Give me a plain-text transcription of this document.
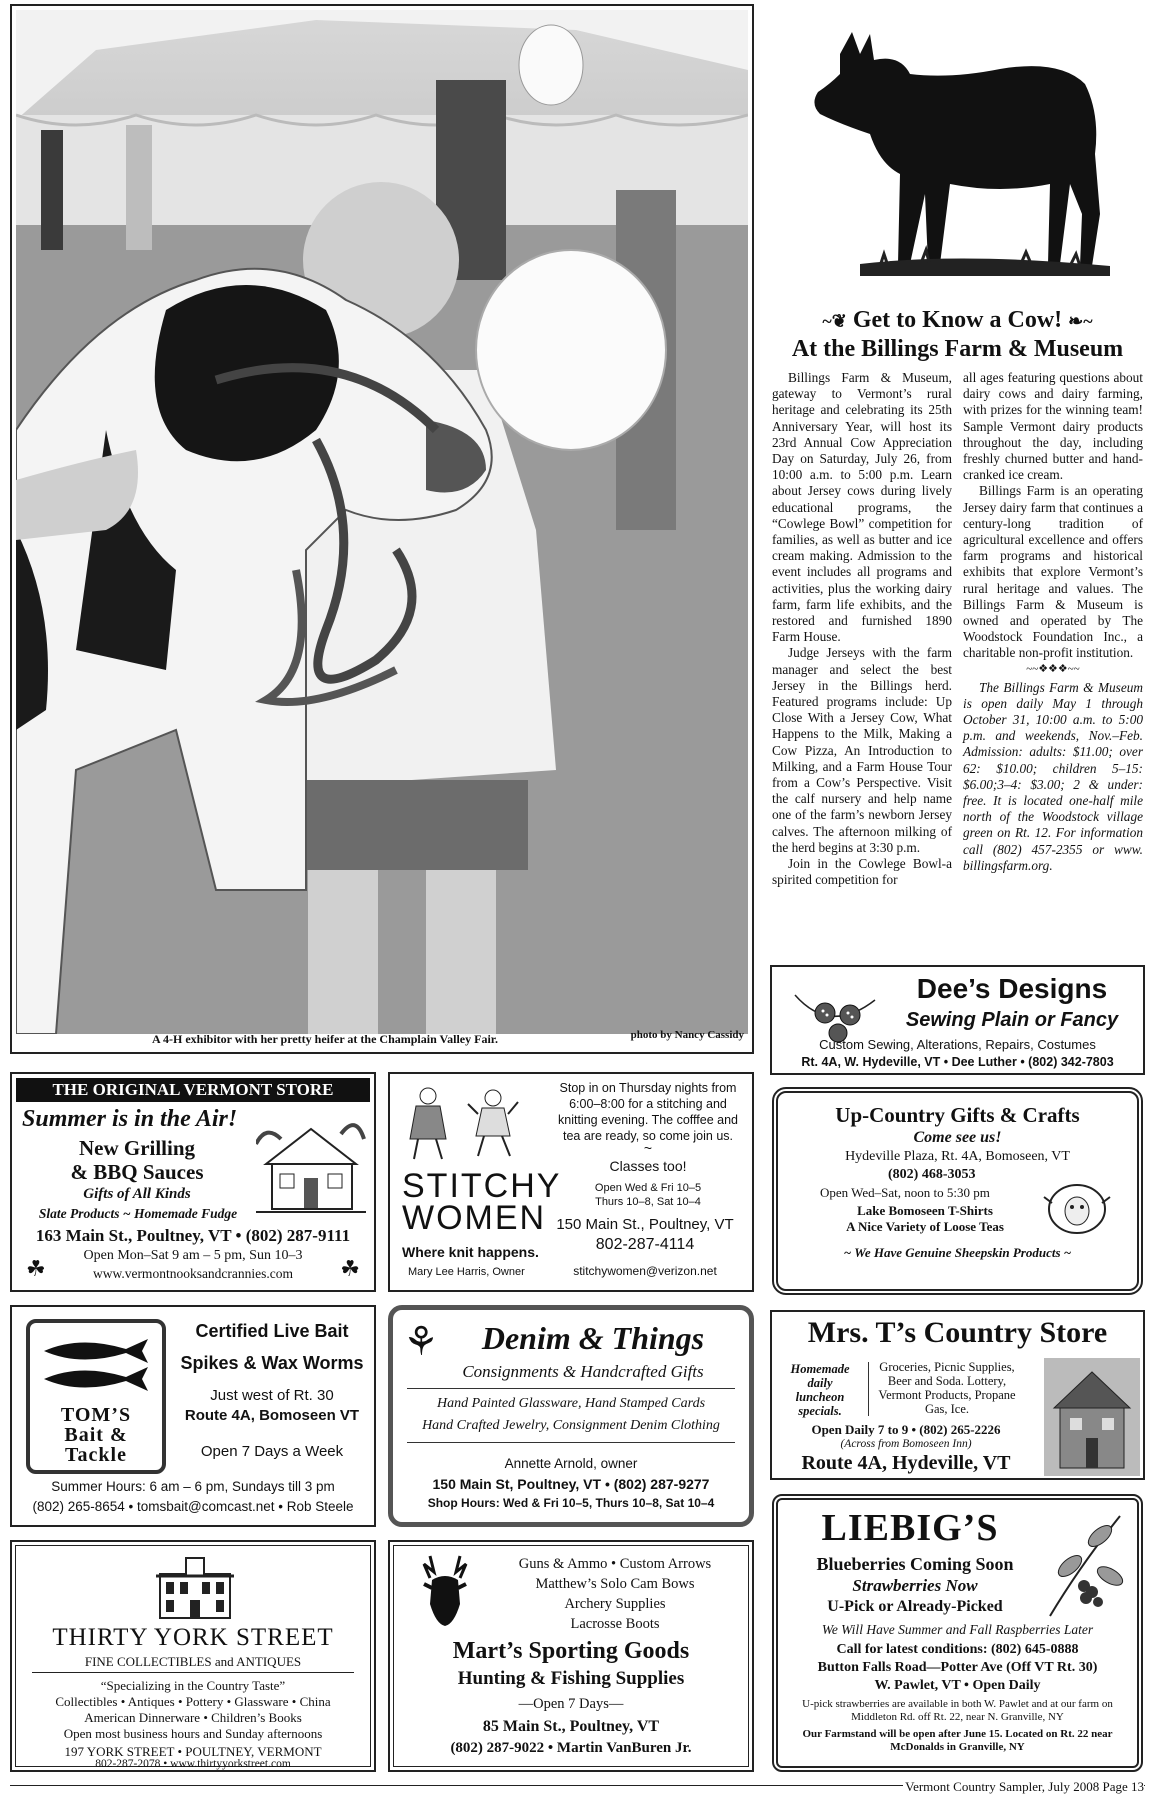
A 4-H exhibitor with her pretty heifer at the Champlain Valley Fair.	photo by Nancy Cassidy
~❦ Get to Know a Cow! ❧~
At the Billings Farm & Museum

Billings Farm & Museum, gateway to Vermont’s rural heritage and celebrating its 25th Anniversary Year, will host its 23rd Annual Cow Appreciation Day on Saturday, July 26, from 10:00 a.m. to 5:00 p.m. Learn about Jersey cows during lively educational programs, the “Cowlege Bowl” competition for families, as well as butter and ice cream making. Admission to the event includes all programs and activities, plus the working dairy farm, farm life exhibits, and the restored and furnished 1890 Farm House.

Judge Jerseys with the farm manager and select the best Jersey in the Billings herd. Featured programs include: Up Close With a Jersey Cow, What Happens to the Milk, Making a Cow Pizza, An Introduction to Milking, and a Farm House Tour from a Cow’s Perspective. Visit the calf nursery and help name one of the farm’s newborn Jersey calves. The afternoon milking of the herd begins at 3:30 p.m.

Join in the Cowlege Bowl-a spirited competition for

all ages featuring questions about dairy cows and dairy farming, with prizes for the winning team! Sample Vermont dairy products throughout the day, including freshly churned butter and hand-cranked ice cream.

Billings Farm is an operating Jersey dairy farm that continues a century-long tradition of agricultural excellence and offers farm programs and historical exhibits that explore Vermont’s rural heritage and values. The Billings Farm & Museum is owned and operated by The Woodstock Foundation Inc., a charitable non-profit institution.

~~❖❖❖~~

The Billings Farm & Museum is open daily May 1 through October 31, 10:00 a.m. to 5:00 p.m. and weekends, Nov.–Feb. Admission: adults: $11.00; over 62: $10.00; children 5–15: $6.00;3–4: $3.00; 2 & under: free. It is located one-half mile north of the Woodstock village green on Rt. 12. For information call (802) 457-2355 or www. billingsfarm.org.

Dee’s Designs
Sewing Plain or Fancy
Custom Sewing, Alterations, Repairs, Costumes
Rt. 4A, W. Hydeville, VT • Dee Luther • (802) 342-7803
THE ORIGINAL VERMONT STORE
Summer is in the Air!
New Grilling
& BBQ Sauces
Gifts of All Kinds
Slate Products ~ Homemade Fudge
163 Main St., Poultney, VT • (802) 287-9111
Open Mon–Sat 9 am – 5 pm, Sun 10–3
www.vermontnooksandcrannies.com
☘	☘
STITCHY
WOMEN
Where knit happens.
Mary Lee Harris, Owner
Stop in on Thursday nights from 6:00–8:00 for a stitching and knitting evening. The cofffee and tea are ready, so come join us.
~
Classes too!
Open Wed & Fri 10–5
Thurs 10–8, Sat 10–4
150 Main St., Poultney, VT
802-287-4114
stitchywomen@verizon.net
Up-Country Gifts & Crafts
Come see us!
Hydeville Plaza, Rt. 4A, Bomoseen, VT
(802) 468-3053
Open Wed–Sat, noon to 5:30 pm
Lake Bomoseen T-Shirts
A Nice Variety of Loose Teas
~ We Have Genuine Sheepskin Products ~
TOM’S
Bait &
Tackle
Certified Live Bait
Spikes & Wax Worms
Just west of Rt. 30
Route 4A, Bomoseen VT
Open 7 Days a Week
Summer Hours: 6 am – 6 pm, Sundays till 3 pm
(802) 265-8654 • tomsbait@comcast.net • Rob Steele
⚘	Denim & Things
Consignments & Handcrafted Gifts
Hand Painted Glassware, Hand Stamped Cards
Hand Crafted Jewelry, Consignment Denim Clothing
Annette Arnold, owner
150 Main St, Poultney, VT • (802) 287-9277
Shop Hours: Wed & Fri 10–5, Thurs 10–8, Sat 10–4
Mrs. T’s Country Store
Homemade
daily
luncheon
specials.
Groceries, Picnic Supplies, Beer and Soda. Lottery, Vermont Products, Propane Gas, Ice.
Open Daily 7 to 9 • (802) 265-2226
(Across from Bomoseen Inn)
Route 4A, Hydeville, VT
THIRTY YORK STREET
FINE COLLECTIBLES and ANTIQUES
“Specializing in the Country Taste”
Collectibles • Antiques • Pottery • Glassware • China
American Dinnerware • Children’s Books
Open most business hours and Sunday afternoons
197 YORK STREET • POULTNEY, VERMONT
802-287-2078 • www.thirtyyorkstreet.com
Guns & Ammo • Custom Arrows
Matthew’s Solo Cam Bows
Archery Supplies
Lacrosse Boots
Mart’s Sporting Goods
Hunting & Fishing Supplies
—Open 7 Days—
85 Main St., Poultney, VT
(802) 287-9022 • Martin VanBuren Jr.
LIEBIG’S
Blueberries Coming Soon
Strawberries Now
U-Pick or Already-Picked
We Will Have Summer and Fall Raspberries Later
Call for latest conditions: (802) 645-0888
Button Falls Road—Potter Ave (Off VT Rt. 30)
W. Pawlet, VT • Open Daily
U-pick strawberries are available in both W. Pawlet and at our farm on Middleton Rd. off Rt. 22, near N. Granville, NY
Our Farmstand will be open after June 15. Located on Rt. 22 near McDonalds in Granville, NY
Vermont Country Sampler, July 2008 Page 13
